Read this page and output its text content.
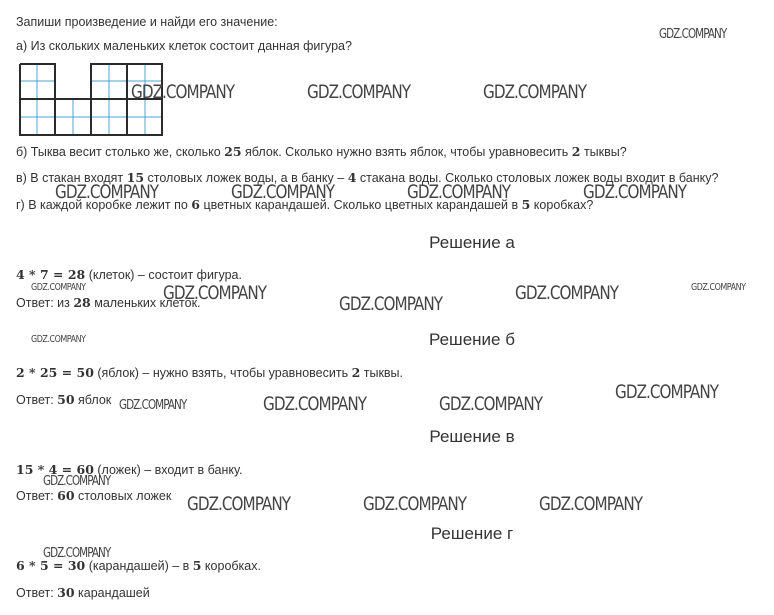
Запиши произведение и найди его значение:
а) Из скольких маленьких клеток состоит данная фигура?
б) Тыква весит столько же, сколько 25 яблок. Сколько нужно взять яблок, чтобы уравновесить 2 тыквы?
в) В стакан входят 15 столовых ложек воды, а в банку – 4 стакана воды. Сколько столовых ложек воды входит в банку?
г) В каждой коробке лежит по 6 цветных карандашей. Сколько цветных карандашей в 5 коробках?
Решение а
4 * 7 = 28 (клеток) – состоит фигура.
Ответ: из 28 маленьких клеток.
Решение б
2 * 25 = 50 (яблок) – нужно взять, чтобы уравновесить 2 тыквы.
Ответ: 50 яблок
Решение в
15 * 4 = 60 (ложек) – входит в банку.
Ответ: 60 столовых ложек
Решение г
6 * 5 = 30 (карандашей) – в 5 коробках.
Ответ: 30 карандашей
GDZ.COMPANY
GDZ.COMPANY	GDZ.COMPANY	GDZ.COMPANY
GDZ.COMPANY	GDZ.COMPANY	GDZ.COMPANY	GDZ.COMPANY
GDZ.COMPANY	GDZ.COMPANY	GDZ.COMPANY	GDZ.COMPANY	GDZ.COMPANY
GDZ.COMPANY
GDZ.COMPANY	GDZ.COMPANY	GDZ.COMPANY
GDZ.COMPANY
GDZ.COMPANY
GDZ.COMPANY	GDZ.COMPANY	GDZ.COMPANY
GDZ.COMPANY
